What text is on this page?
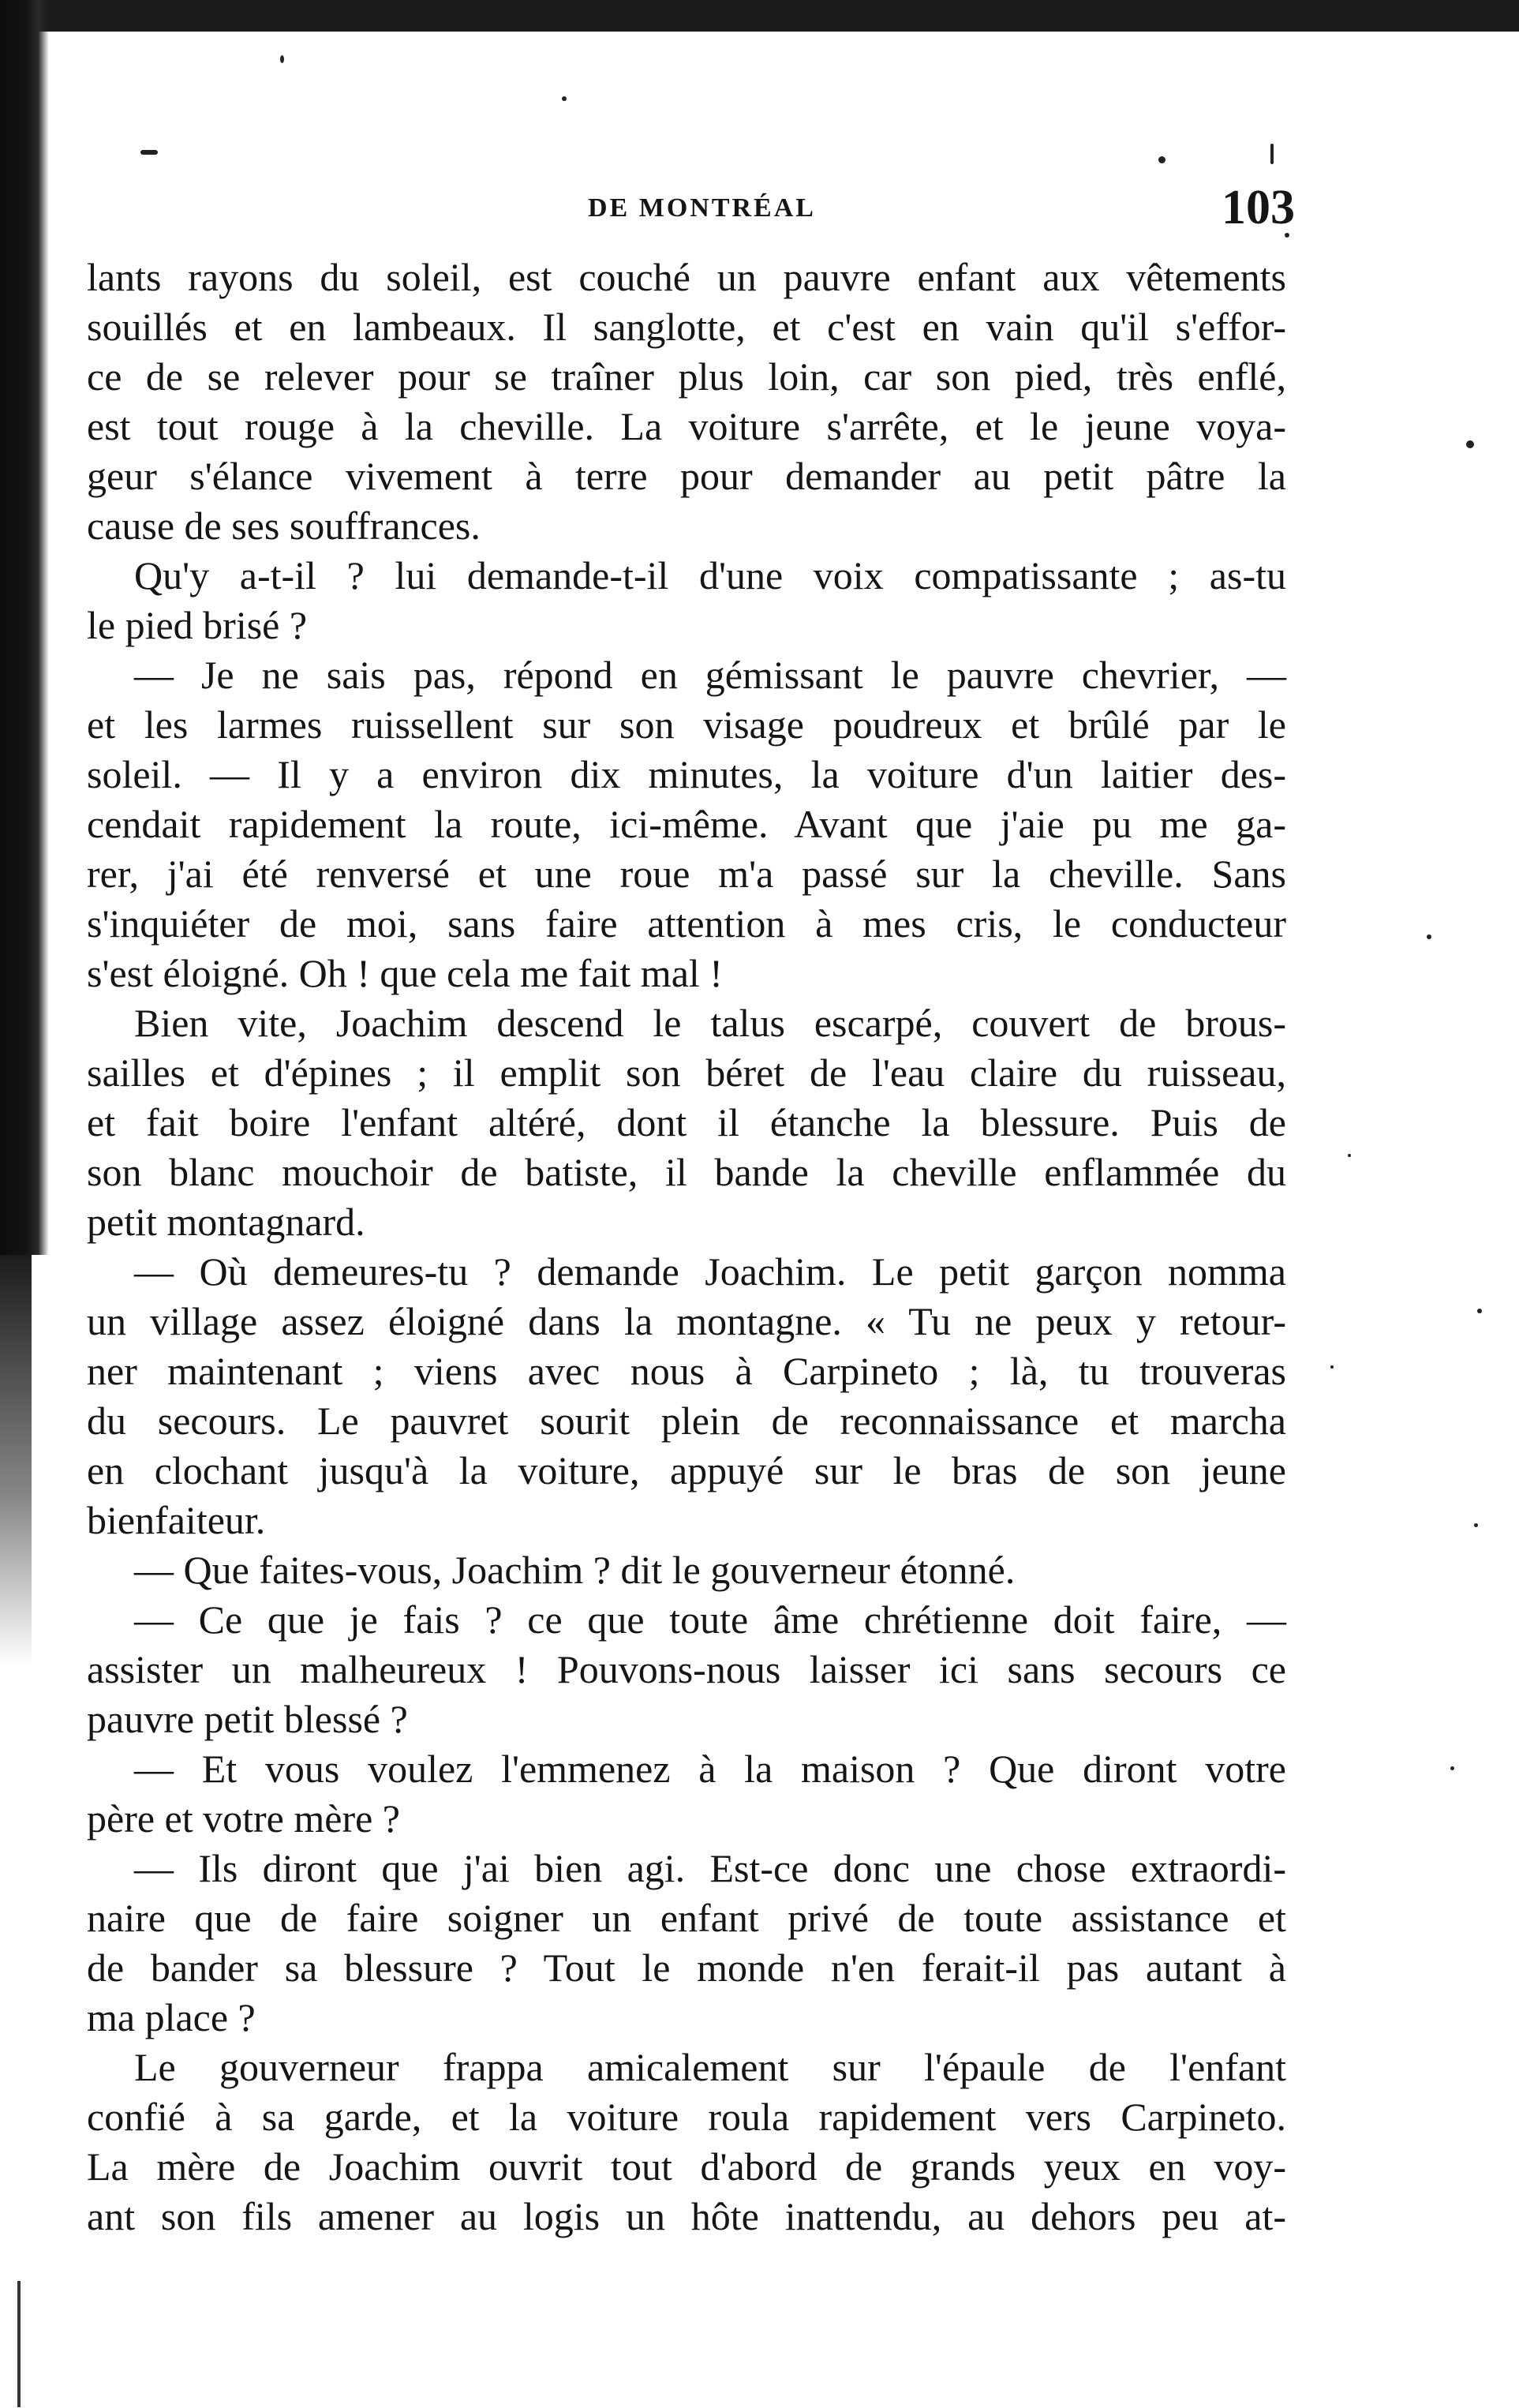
DE MONTRÉAL	103
lants rayons du soleil, est couché un pauvre enfant aux vêtements
souillés et en lambeaux. Il sanglotte, et c'est en vain qu'il s'effor-
ce de se relever pour se traîner plus loin, car son pied, très enflé,
est tout rouge à la cheville. La voiture s'arrête, et le jeune voya-
geur s'élance vivement à terre pour demander au petit pâtre la
cause de ses souffrances.
Qu'y a-t-il ? lui demande-t-il d'une voix compatissante ; as-tu
le pied brisé ?
— Je ne sais pas, répond en gémissant le pauvre chevrier, —
et les larmes ruissellent sur son visage poudreux et brûlé par le
soleil. — Il y a environ dix minutes, la voiture d'un laitier des-
cendait rapidement la route, ici-même. Avant que j'aie pu me ga-
rer, j'ai été renversé et une roue m'a passé sur la cheville. Sans
s'inquiéter de moi, sans faire attention à mes cris, le conducteur
s'est éloigné. Oh ! que cela me fait mal !
Bien vite, Joachim descend le talus escarpé, couvert de brous-
sailles et d'épines ; il emplit son béret de l'eau claire du ruisseau,
et fait boire l'enfant altéré, dont il étanche la blessure. Puis de
son blanc mouchoir de batiste, il bande la cheville enflammée du
petit montagnard.
— Où demeures-tu ? demande Joachim. Le petit garçon nomma
un village assez éloigné dans la montagne. « Tu ne peux y retour-
ner maintenant ; viens avec nous à Carpineto ; là, tu trouveras
du secours. Le pauvret sourit plein de reconnaissance et marcha
en clochant jusqu'à la voiture, appuyé sur le bras de son jeune
bienfaiteur.
— Que faites-vous, Joachim ? dit le gouverneur étonné.
— Ce que je fais ? ce que toute âme chrétienne doit faire, —
assister un malheureux ! Pouvons-nous laisser ici sans secours ce
pauvre petit blessé ?
— Et vous voulez l'emmenez à la maison ? Que diront votre
père et votre mère ?
— Ils diront que j'ai bien agi. Est-ce donc une chose extraordi-
naire que de faire soigner un enfant privé de toute assistance et
de bander sa blessure ? Tout le monde n'en ferait-il pas autant à
ma place ?
Le gouverneur frappa amicalement sur l'épaule de l'enfant
confié à sa garde, et la voiture roula rapidement vers Carpineto.
La mère de Joachim ouvrit tout d'abord de grands yeux en voy-
ant son fils amener au logis un hôte inattendu, au dehors peu at-
